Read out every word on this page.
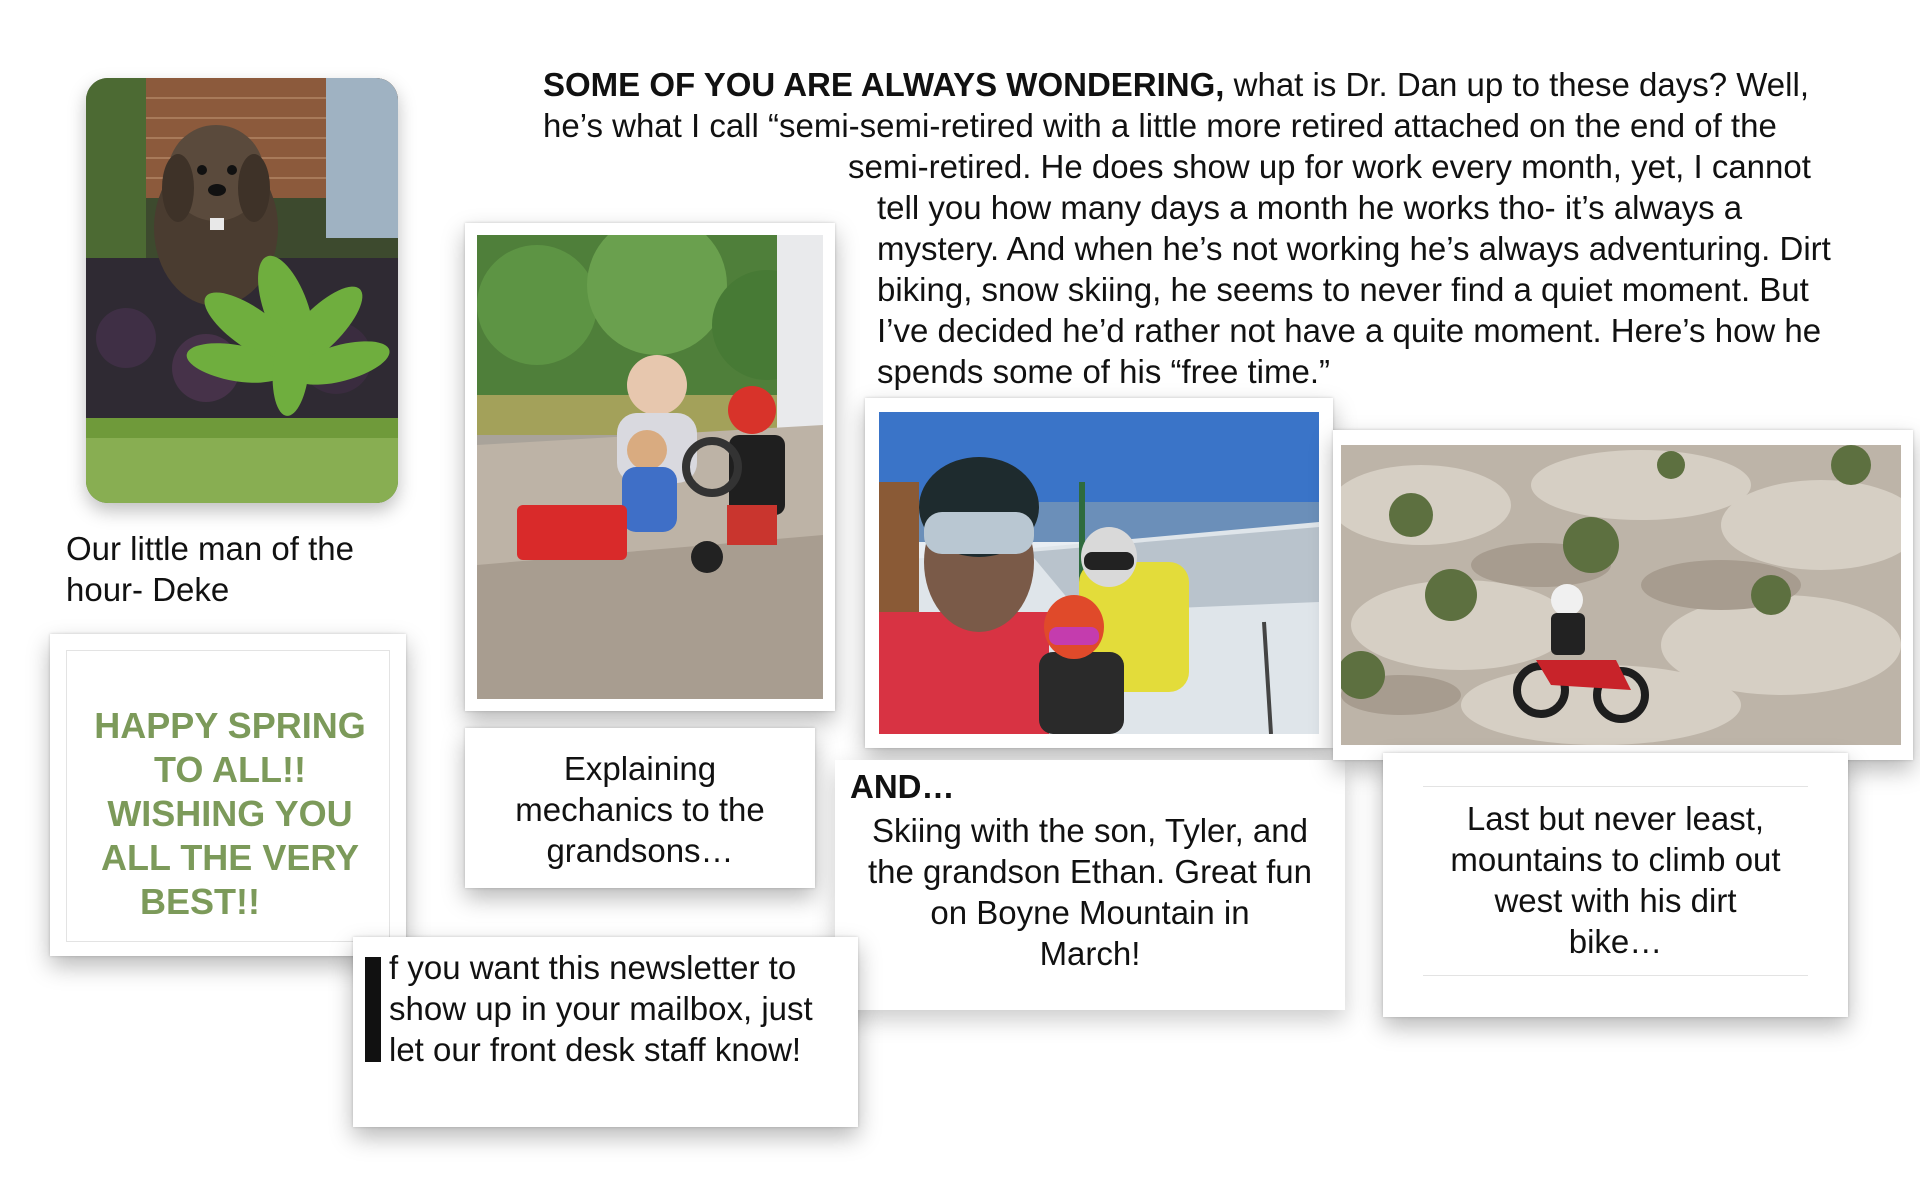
SOME OF YOU ARE ALWAYS WONDERING, what is Dr. Dan up to these days? Well,
he’s what I call “semi-semi-retired with a little more retired attached on the end of the
semi-retired. He does show up for work every month, yet, I cannot
tell you how many days a month he works tho- it’s always a
mystery. And when he’s not working he’s always adventuring. Dirt
biking, snow skiing, he seems to never find a quiet moment. But
I’ve decided he’d rather not have a quite moment. Here’s how he
spends some of his “free time.”
Our little man of the
hour- Deke
HAPPY SPRING
TO ALL!!
WISHING YOU
ALL THE VERY
BEST!!
Explaining
mechanics to the
grandsons…
AND…
Skiing with the son, Tyler, and
the grandson Ethan. Great fun
on Boyne Mountain in
March!
Last but never least,
mountains to climb out
west with his dirt
bike…
f you want this newsletter to
show up in your mailbox, just
let our front desk staff know!
